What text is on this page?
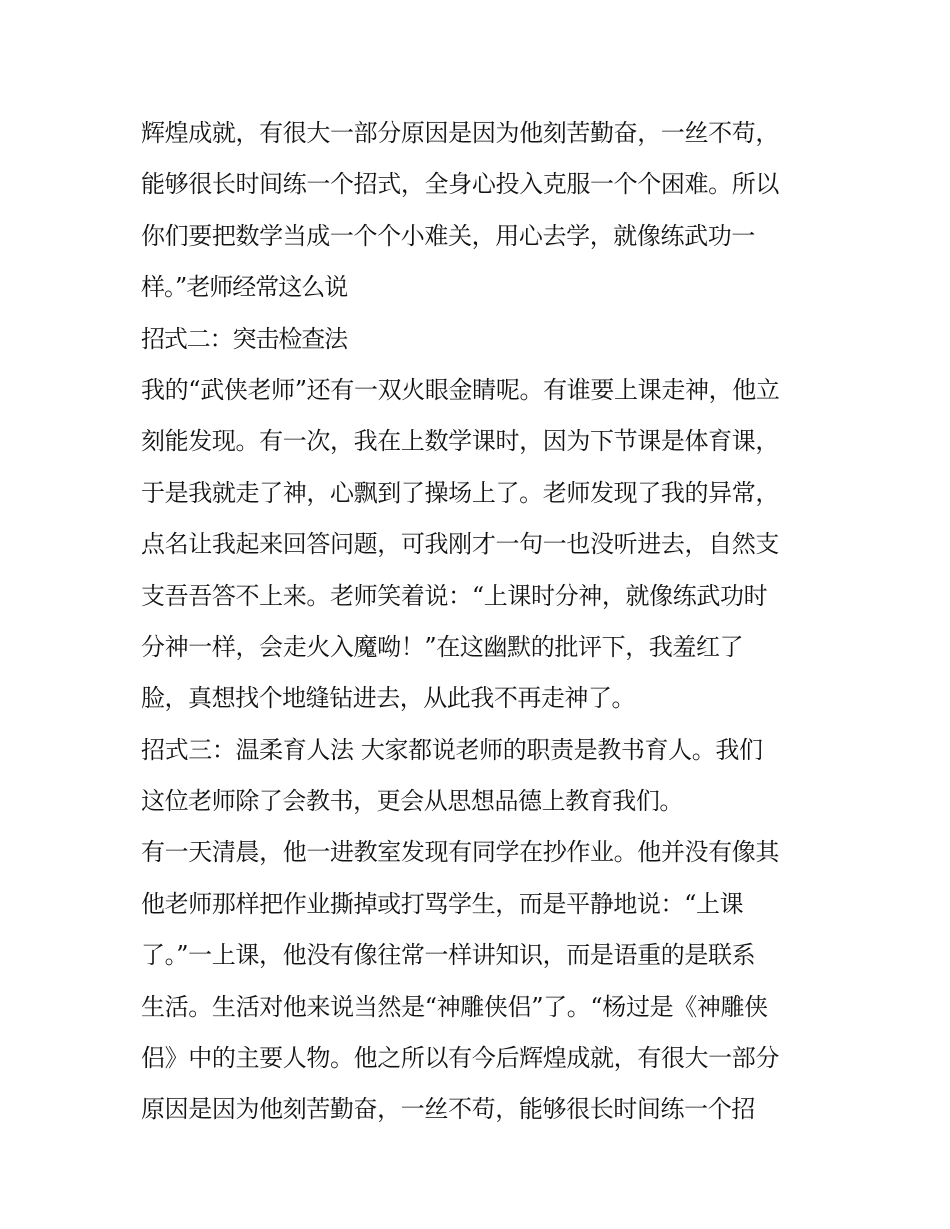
辉煌成就，有很大一部分原因是因为他刻苦勤奋，一丝不苟，
能够很长时间练一个招式，全身心投入克服一个个困难。所以
你们要把数学当成一个个小难关，用心去学，就像练武功一
样。”老师经常这么说
招式二：突击检查法
我的“武侠老师”还有一双火眼金睛呢。有谁要上课走神，他立
刻能发现。有一次，我在上数学课时，因为下节课是体育课，
于是我就走了神，心飘到了操场上了。老师发现了我的异常，
点名让我起来回答问题，可我刚才一句一也没听进去，自然支
支吾吾答不上来。老师笑着说：“上课时分神，就像练武功时
分神一样，会走火入魔呦！”在这幽默的批评下，我羞红了
脸，真想找个地缝钻进去，从此我不再走神了。
招式三：温柔育人法 大家都说老师的职责是教书育人。我们
这位老师除了会教书，更会从思想品德上教育我们。
有一天清晨，他一进教室发现有同学在抄作业。他并没有像其
他老师那样把作业撕掉或打骂学生，而是平静地说：“上课
了。”一上课，他没有像往常一样讲知识，而是语重的是联系
生活。生活对他来说当然是“神雕侠侣”了。“杨过是《神雕侠
侣》中的主要人物。他之所以有今后辉煌成就，有很大一部分
原因是因为他刻苦勤奋，一丝不苟，能够很长时间练一个招
